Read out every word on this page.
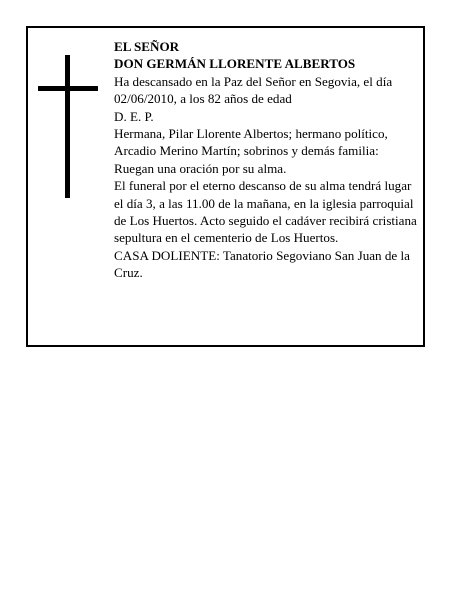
EL SEÑOR

DON GERMÁN LLORENTE ALBERTOS

Ha descansado en la Paz del Señor en Segovia, el día 02/06/2010, a los 82 años de edad

D. E. P.

Hermana, Pilar Llorente Albertos; hermano político, Arcadio Merino Martín; sobrinos y demás familia:

Ruegan una oración por su alma.

El funeral por el eterno descanso de su alma tendrá lugar el día 3, a las 11.00 de la mañana, en la iglesia parroquial de Los Huertos. Acto seguido el cadáver recibirá cristiana sepultura en el cementerio de Los Huertos.

CASA DOLIENTE: Tanatorio Segoviano San Juan de la Cruz.
